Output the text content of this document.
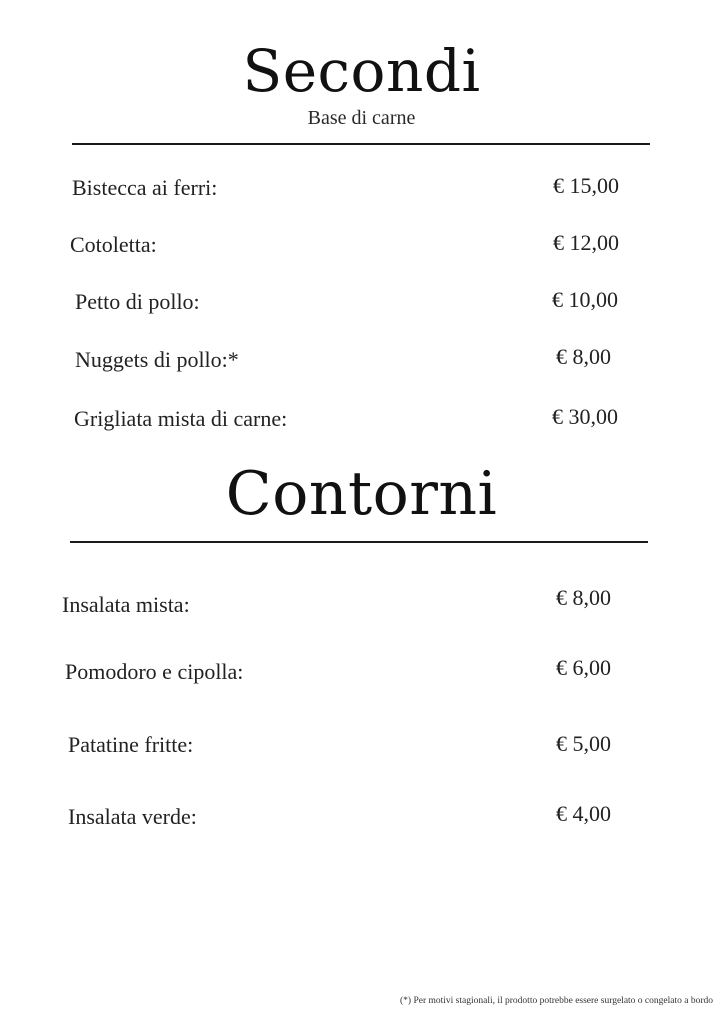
Secondi
Base di carne
Bistecca ai ferri:	€ 15,00
Cotoletta:	€ 12,00
Petto di pollo:	€ 10,00
Nuggets di pollo:*	€ 8,00
Grigliata mista di carne:	€ 30,00
Contorni
Insalata mista:	€ 8,00
Pomodoro e cipolla:	€ 6,00
Patatine fritte:	€ 5,00
Insalata verde:	€ 4,00
(*) Per motivi stagionali, il prodotto potrebbe essere surgelato o congelato a bordo
